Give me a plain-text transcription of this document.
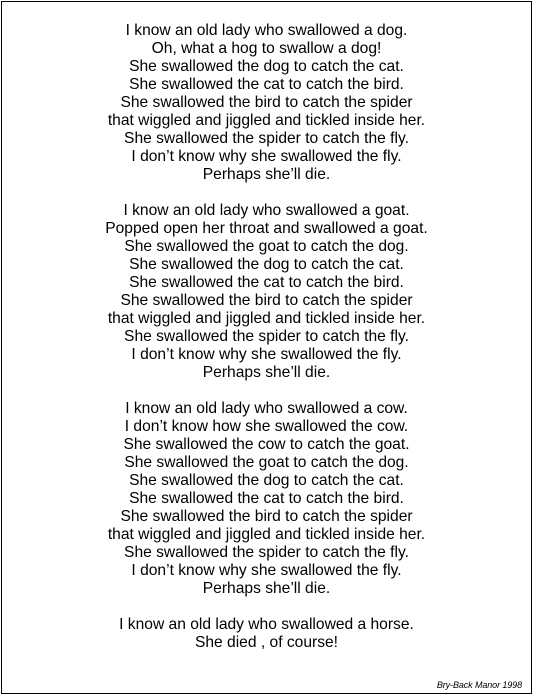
I know an old lady who swallowed a dog.
Oh, what a hog to swallow a dog!
She swallowed the dog to catch the cat.
She swallowed the cat to catch the bird.
She swallowed the bird to catch the spider
that wiggled and jiggled and tickled inside her.
She swallowed the spider to catch the fly.
I don’t know why she swallowed the fly.
Perhaps she’ll die.
I know an old lady who swallowed a goat.
Popped open her throat and swallowed a goat.
She swallowed the goat to catch the dog.
She swallowed the dog to catch the cat.
She swallowed the cat to catch the bird.
She swallowed the bird to catch the spider
that wiggled and jiggled and tickled inside her.
She swallowed the spider to catch the fly.
I don’t know why she swallowed the fly.
Perhaps she’ll die.
I know an old lady who swallowed a cow.
I don’t know how she swallowed the cow.
She swallowed the cow to catch the goat.
She swallowed the goat to catch the dog.
She swallowed the dog to catch the cat.
She swallowed the cat to catch the bird.
She swallowed the bird to catch the spider
that wiggled and jiggled and tickled inside her.
She swallowed the spider to catch the fly.
I don’t know why she swallowed the fly.
Perhaps she’ll die.
I know an old lady who swallowed a horse.
She died , of course!
Bry-Back Manor 1998
